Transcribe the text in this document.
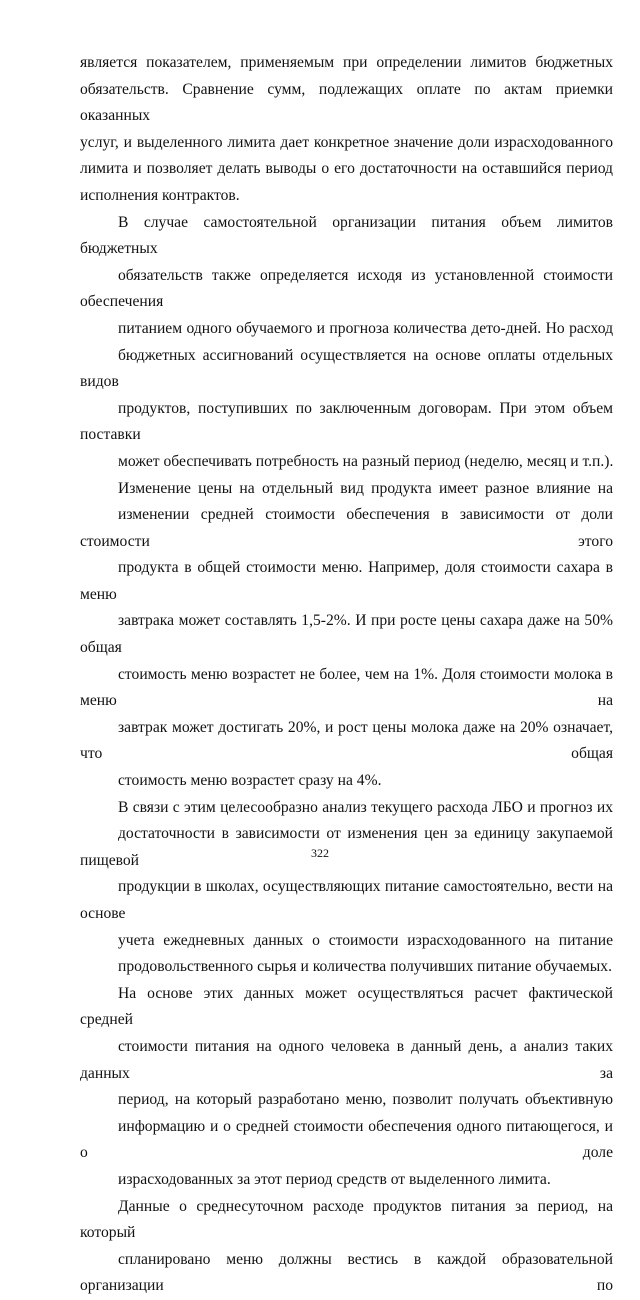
является показателем, применяемым при определении лимитов бюджетных
обязательств. Сравнение сумм, подлежащих оплате по актам приемки оказанных
услуг, и выделенного лимита дает конкретное значение доли израсходованного
лимита и позволяет делать выводы о его достаточности на оставшийся период
исполнения контрактов.

В случае самостоятельной организации питания объем лимитов бюджетных
обязательств также определяется исходя из установленной стоимости обеспечения
питанием одного обучаемого и прогноза количества дето-дней. Но расход
бюджетных ассигнований осуществляется на основе оплаты отдельных видов
продуктов, поступивших по заключенным договорам. При этом объем поставки
может обеспечивать потребность на разный период (неделю, месяц и т.п.).

Изменение цены на отдельный вид продукта имеет разное влияние на
изменении средней стоимости обеспечения в зависимости от доли стоимости этого
продукта в общей стоимости меню. Например, доля стоимости сахара в меню
завтрака может составлять 1,5-2%. И при росте цены сахара даже на 50% общая
стоимость меню возрастет не более, чем на 1%. Доля стоимости молока в меню на
завтрак может достигать 20%, и рост цены молока даже на 20% означает, что общая
стоимость меню возрастет сразу на 4%.

В связи с этим целесообразно анализ текущего расхода ЛБО и прогноз их
достаточности в зависимости от изменения цен за единицу закупаемой пищевой
продукции в школах, осуществляющих питание самостоятельно, вести на основе
учета ежедневных данных о стоимости израсходованного на питание
продовольственного сырья и количества получивших питание обучаемых.

На основе этих данных может осуществляться расчет фактической средней
стоимости питания на одного человека в данный день, а анализ таких данных за
период, на который разработано меню, позволит получать объективную
информацию и о средней стоимости обеспечения одного питающегося, и о доле
израсходованных за этот период средств от выделенного лимита.

Данные о среднесуточном расходе продуктов питания за период, на который
спланировано меню должны вестись в каждой образовательной организации по

322
